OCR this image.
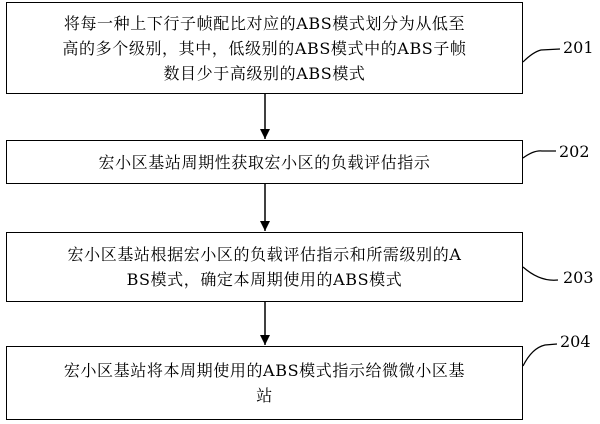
将每一种上下行子帧配比对应的ABS模式划分为从低至
高的多个级别，其中，低级别的ABS模式中的ABS子帧
数目少于高级别的ABS模式
宏小区基站周期性获取宏小区的负载评估指示
宏小区基站根据宏小区的负载评估指示和所需级别的A
BS模式，确定本周期使用的ABS模式
宏小区基站将本周期使用的ABS模式指示给微微小区基
站
201
202
203
204
